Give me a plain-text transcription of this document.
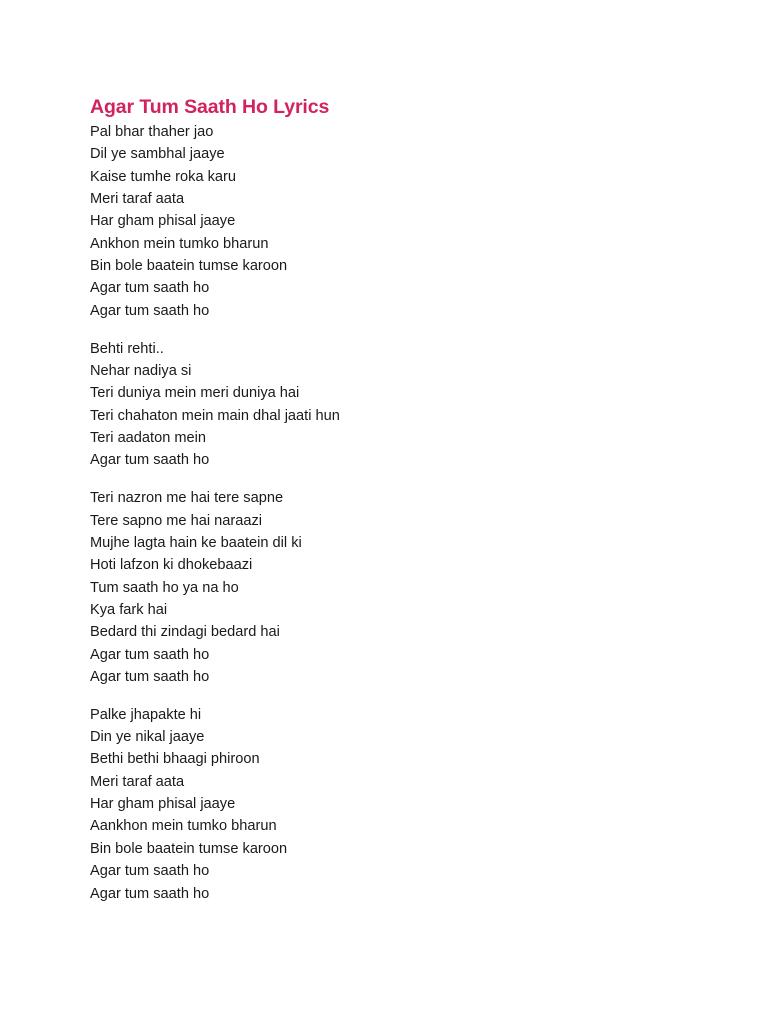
Agar Tum Saath Ho Lyrics
Pal bhar thaher jao
Dil ye sambhal jaaye
Kaise tumhe roka karu
Meri taraf aata
Har gham phisal jaaye
Ankhon mein tumko bharun
Bin bole baatein tumse karoon
Agar tum saath ho
Agar tum saath ho
Behti rehti..
Nehar nadiya si
Teri duniya mein meri duniya hai
Teri chahaton mein main dhal jaati hun
Teri aadaton mein
Agar tum saath ho
Teri nazron me hai tere sapne
Tere sapno me hai naraazi
Mujhe lagta hain ke baatein dil ki
Hoti lafzon ki dhokebaazi
Tum saath ho ya na ho
Kya fark hai
Bedard thi zindagi bedard hai
Agar tum saath ho
Agar tum saath ho
Palke jhapakte hi
Din ye nikal jaaye
Bethi bethi bhaagi phiroon
Meri taraf aata
Har gham phisal jaaye
Aankhon mein tumko bharun
Bin bole baatein tumse karoon
Agar tum saath ho
Agar tum saath ho
